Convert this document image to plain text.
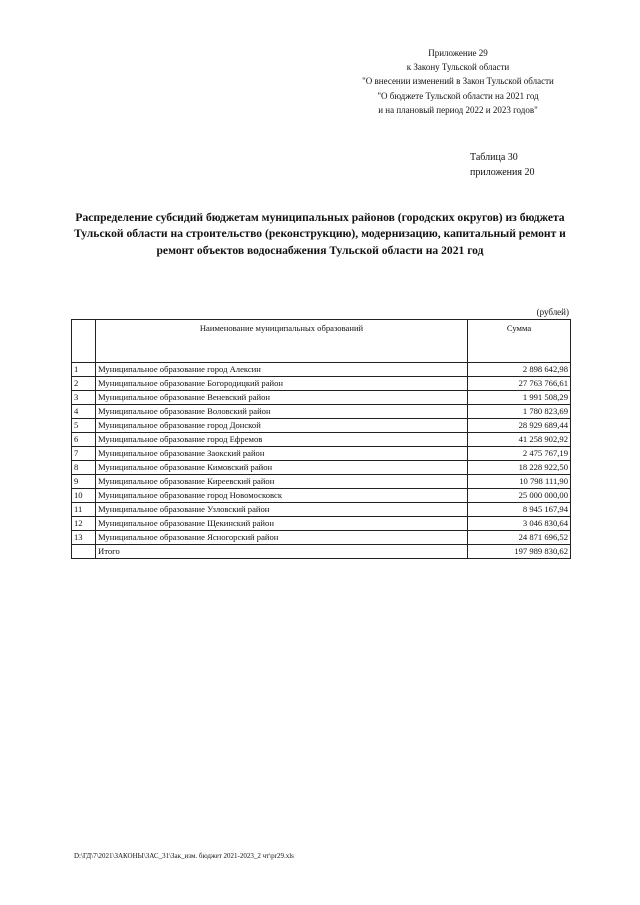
Приложение 29
к Закону Тульской области
"О внесении изменений в Закон Тульской области
"О бюджете Тульской области на 2021 год
и на плановый период 2022 и 2023 годов"
Таблица 30
приложения 20
Распределение субсидий бюджетам муниципальных районов (городских округов) из бюджета Тульской области на строительство (реконструкцию), модернизацию, капитальный ремонт и ремонт объектов водоснабжения Тульской области на 2021 год
(рублей)
	Наименование муниципальных образований	Сумма
1	Муниципальное образование город Алексин	2 898 642,98
2	Муниципальное образование Богородицкий район	27 763 766,61
3	Муниципальное образование Веневский район	1 991 508,29
4	Муниципальное образование Воловский район	1 780 823,69
5	Муниципальное образование город Донской	28 929 689,44
6	Муниципальное образование город Ефремов	41 258 902,92
7	Муниципальное образование Заокский район	2 475 767,19
8	Муниципальное образование Кимовский район	18 228 922,50
9	Муниципальное образование Киреевский район	10 798 111,90
10	Муниципальное образование город Новомосковск	25 000 000,00
11	Муниципальное образование Узловский район	8 945 167,94
12	Муниципальное образование Щекинский район	3 046 830,64
13	Муниципальное образование Ясногорский район	24 871 696,52
	Итого	197 989 830,62
D:\ГД\7\2021\ЗАКОНЫ\ЗАС_31\Зак_изм. бюджет 2021-2023_2 чт\pr29.xls
